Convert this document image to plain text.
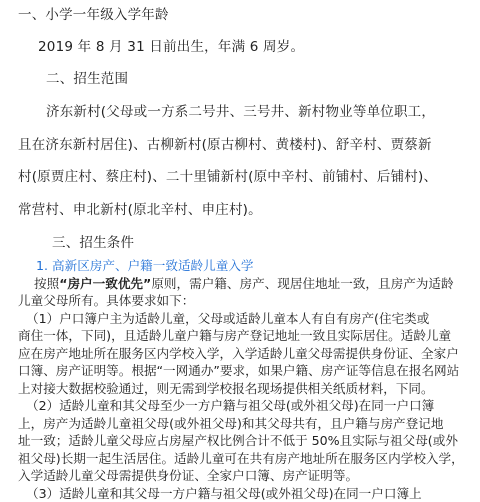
一、小学一年级入学年龄
2019 年 8 月 31 日前出生，年满 6 周岁。
二、招生范围
济东新村(父母或一方系二号井、三号井、新村物业等单位职工，
且在济东新村居住)、古柳新村(原古柳村、黄楼村)、舒辛村、贾蔡新
村(原贾庄村、蔡庄村)、二十里铺新村(原中辛村、前铺村、后铺村)、
常营村、申北新村(原北辛村、申庄村)。
三、招生条件

1. 高新区房产、户籍一致适龄儿童入学

按照“房户一致优先”原则，需户籍、房产、现居住地址一致，且房产为适龄

儿童父母所有。具体要求如下：

（1）户口簿户主为适龄儿童，父母或适龄儿童本人有自有房产(住宅类或

商住一体，下同)，且适龄儿童户籍与房产登记地址一致且实际居住。适龄儿童

应在房产地址所在服务区内学校入学，入学适龄儿童父母需提供身份证、全家户

口簿、房产证明等。根据“一网通办”要求，如果户籍、房产证等信息在报名网站

上对接大数据校验通过，则无需到学校报名现场提供相关纸质材料，下同。

（2）适龄儿童和其父母至少一方户籍与祖父母(或外祖父母)在同一户口簿

上，房产为适龄儿童祖父母(或外祖父母)和其父母共有，且户籍与房产登记地

址一致；适龄儿童父母应占房屋产权比例合计不低于 50%且实际与祖父母(或外

祖父母)长期一起生活居住。适龄儿童可在共有房产地址所在服务区内学校入学，

入学适龄儿童父母需提供身份证、全家户口簿、房产证明等。

（3）适龄儿童和其父母一方户籍与祖父母(或外祖父母)在同一户口簿上
